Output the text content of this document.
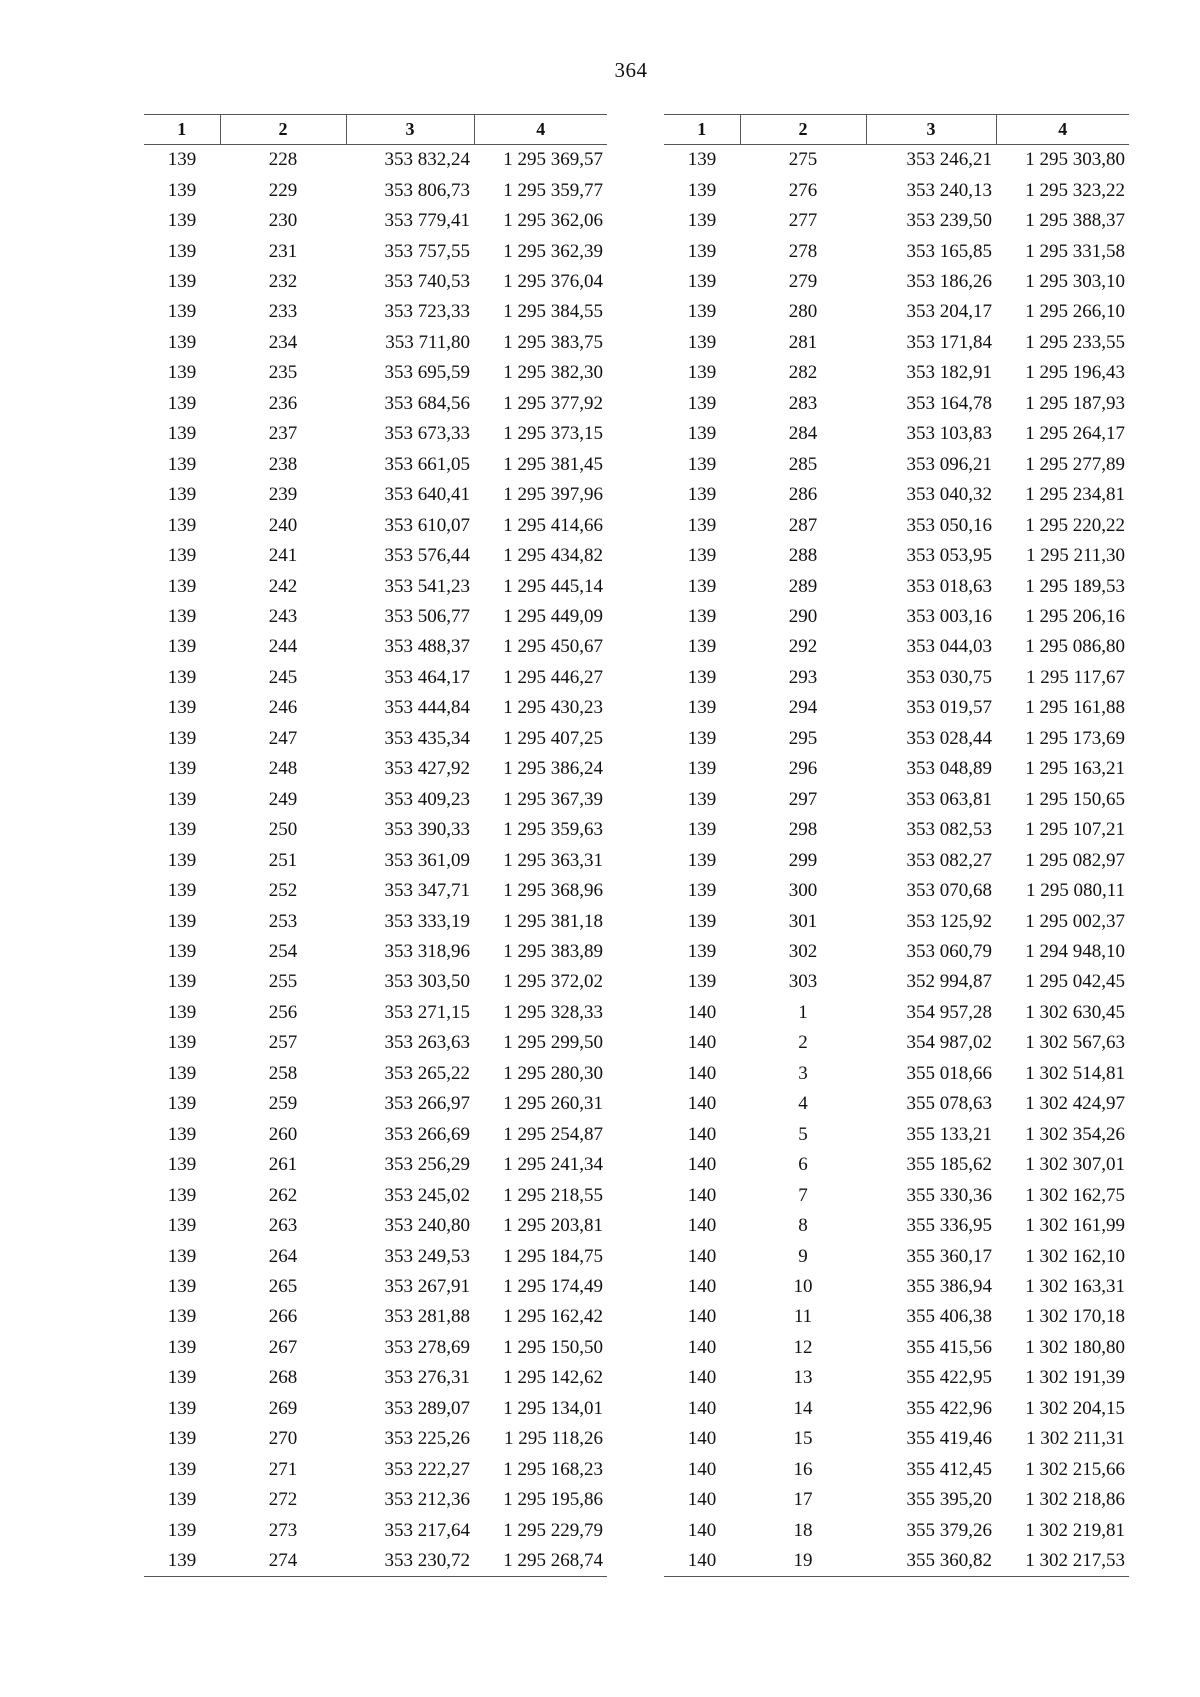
364
1	2	3	4
139	228	353 832,24	1 295 369,57
139	229	353 806,73	1 295 359,77
139	230	353 779,41	1 295 362,06
139	231	353 757,55	1 295 362,39
139	232	353 740,53	1 295 376,04
139	233	353 723,33	1 295 384,55
139	234	353 711,80	1 295 383,75
139	235	353 695,59	1 295 382,30
139	236	353 684,56	1 295 377,92
139	237	353 673,33	1 295 373,15
139	238	353 661,05	1 295 381,45
139	239	353 640,41	1 295 397,96
139	240	353 610,07	1 295 414,66
139	241	353 576,44	1 295 434,82
139	242	353 541,23	1 295 445,14
139	243	353 506,77	1 295 449,09
139	244	353 488,37	1 295 450,67
139	245	353 464,17	1 295 446,27
139	246	353 444,84	1 295 430,23
139	247	353 435,34	1 295 407,25
139	248	353 427,92	1 295 386,24
139	249	353 409,23	1 295 367,39
139	250	353 390,33	1 295 359,63
139	251	353 361,09	1 295 363,31
139	252	353 347,71	1 295 368,96
139	253	353 333,19	1 295 381,18
139	254	353 318,96	1 295 383,89
139	255	353 303,50	1 295 372,02
139	256	353 271,15	1 295 328,33
139	257	353 263,63	1 295 299,50
139	258	353 265,22	1 295 280,30
139	259	353 266,97	1 295 260,31
139	260	353 266,69	1 295 254,87
139	261	353 256,29	1 295 241,34
139	262	353 245,02	1 295 218,55
139	263	353 240,80	1 295 203,81
139	264	353 249,53	1 295 184,75
139	265	353 267,91	1 295 174,49
139	266	353 281,88	1 295 162,42
139	267	353 278,69	1 295 150,50
139	268	353 276,31	1 295 142,62
139	269	353 289,07	1 295 134,01
139	270	353 225,26	1 295 118,26
139	271	353 222,27	1 295 168,23
139	272	353 212,36	1 295 195,86
139	273	353 217,64	1 295 229,79
139	274	353 230,72	1 295 268,74
1	2	3	4
139	275	353 246,21	1 295 303,80
139	276	353 240,13	1 295 323,22
139	277	353 239,50	1 295 388,37
139	278	353 165,85	1 295 331,58
139	279	353 186,26	1 295 303,10
139	280	353 204,17	1 295 266,10
139	281	353 171,84	1 295 233,55
139	282	353 182,91	1 295 196,43
139	283	353 164,78	1 295 187,93
139	284	353 103,83	1 295 264,17
139	285	353 096,21	1 295 277,89
139	286	353 040,32	1 295 234,81
139	287	353 050,16	1 295 220,22
139	288	353 053,95	1 295 211,30
139	289	353 018,63	1 295 189,53
139	290	353 003,16	1 295 206,16
139	292	353 044,03	1 295 086,80
139	293	353 030,75	1 295 117,67
139	294	353 019,57	1 295 161,88
139	295	353 028,44	1 295 173,69
139	296	353 048,89	1 295 163,21
139	297	353 063,81	1 295 150,65
139	298	353 082,53	1 295 107,21
139	299	353 082,27	1 295 082,97
139	300	353 070,68	1 295 080,11
139	301	353 125,92	1 295 002,37
139	302	353 060,79	1 294 948,10
139	303	352 994,87	1 295 042,45
140	1	354 957,28	1 302 630,45
140	2	354 987,02	1 302 567,63
140	3	355 018,66	1 302 514,81
140	4	355 078,63	1 302 424,97
140	5	355 133,21	1 302 354,26
140	6	355 185,62	1 302 307,01
140	7	355 330,36	1 302 162,75
140	8	355 336,95	1 302 161,99
140	9	355 360,17	1 302 162,10
140	10	355 386,94	1 302 163,31
140	11	355 406,38	1 302 170,18
140	12	355 415,56	1 302 180,80
140	13	355 422,95	1 302 191,39
140	14	355 422,96	1 302 204,15
140	15	355 419,46	1 302 211,31
140	16	355 412,45	1 302 215,66
140	17	355 395,20	1 302 218,86
140	18	355 379,26	1 302 219,81
140	19	355 360,82	1 302 217,53
